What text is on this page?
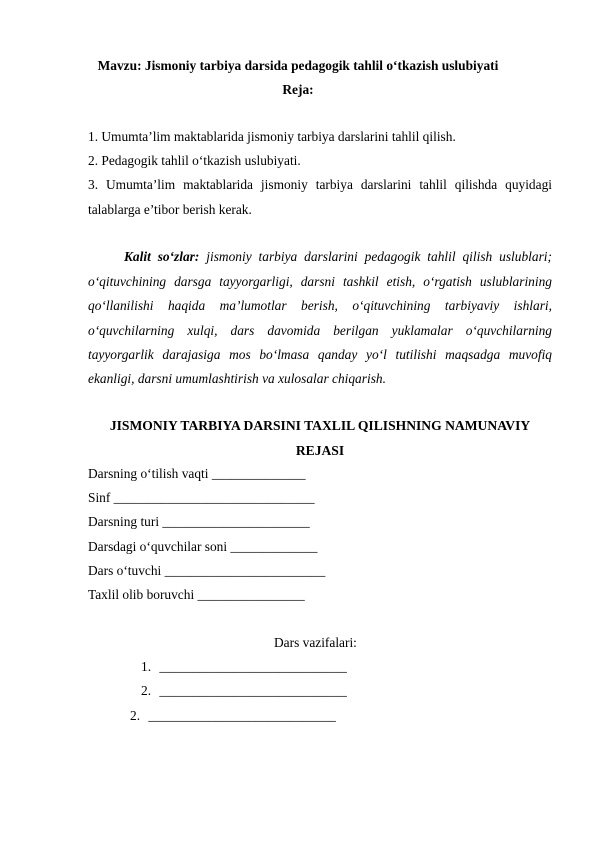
Mavzu: Jismoniy tarbiya darsida pedagogik tahlil o‘tkazish uslubiyati
Reja:
1. Umumta’lim maktablarida jismoniy tarbiya darslarini tahlil qilish.
2. Pedagogik tahlil o‘tkazish uslubiyati.
3. Umumta’lim maktablarida jismoniy tarbiya darslarini tahlil qilishda quyidagi
talablarga e’tibor berish kerak.
Kalit so‘zlar: jismoniy tarbiya darslarini pedagogik tahlil qilish uslublari;
o‘qituvchining darsga tayyorgarligi, darsni tashkil etish, o‘rgatish uslublarining
qo‘llanilishi haqida ma’lumotlar berish, o‘qituvchining tarbiyaviy ishlari,
o‘quvchilarning xulqi, dars davomida berilgan yuklamalar o‘quvchilarning
tayyorgarlik darajasiga mos bo‘lmasa qanday yo‘l tutilishi maqsadga muvofiq
ekanligi, darsni umumlashtirish va xulosalar chiqarish.
JISMONIY TARBIYA DARSINI TAXLIL QILISHNING NAMUNAVIY
REJASI
Darsning o‘tilish vaqti ______________
Sinf ______________________________
Darsning turi ______________________
Darsdagi o‘quvchilar soni _____________
Dars o‘tuvchi ________________________
Taxlil olib boruvchi ________________
Dars vazifalari:
1. ____________________________
2. ____________________________
2. ____________________________
